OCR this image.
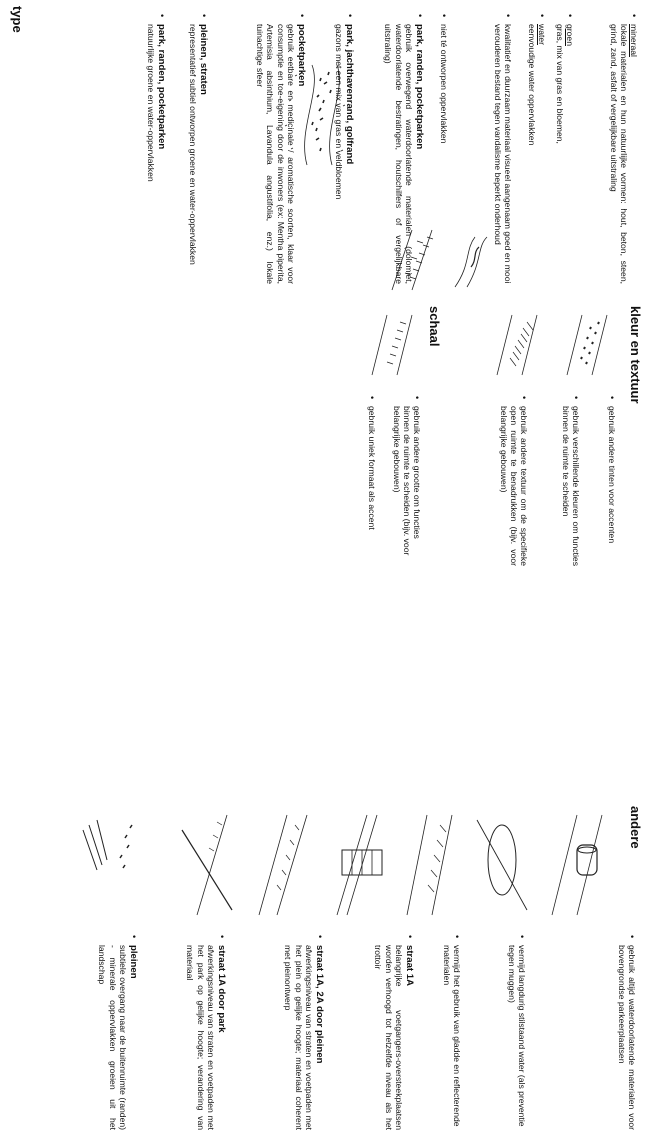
type
• mineraal
lokale materialen en hun natuurlijke vormen: hout, beton, steen, grind, zand, asfalt of vergelijkbare uitstraling
• groen
gras, mix van gras en bloemen,
• water
eenvoudige water oppervlakken
• kwalitatief en duurzaam materiaal visueel aangenaam goed en mooi verouderen bestand tegen vandalisme beperkt onderhoud
• niet té ontworpen oppervlakken
• park, randen, pocketparken
gebruik overwegend waterdoorlatende materialen (dolomiet, waterdoorlatende bestratingen, houtschilfers of vergelijkbare uitstraling)
• park, jachthavenrand, golfrand
gazons met een mix van gras en veldbloemen
• pocketparken
gebruik eetbare en medicinale / aromatische soorten, klaar voor consumptie en toe-eigening door de inwoners (ex: Mentha piperita, Artemisia absinthium, Lavandula angustifolia, enz.) lokale tuinachtige sfeer
• pleinen, straten
representatief subtiel ontworpen groene en water-oppervlakken
• park, randen, pocketparken
natuurlijke groene en water-oppervlakken
kleur en textuur
• gebruik andere tinten voor accenten
• gebruik verschillende kleuren om functies binnen de ruimte te scheiden
• gebruik andere textuur om de specifieke open ruimte te benadrukken (bijv. voor belangrijke gebouwen)
schaal
• gebruik andere grootte om functies binnen de ruimte te scheiden (bijv. voor belangrijke gebouwen)
• gebruik uniek formaat als accent
andere
• gebruik altijd waterdoorlatende materialen voor bovengrondse parkeerplaatsen
• vermijd langdurig stilstaand water (als preventie tegen muggen)
• vermijd het gebruik van gladde en reflecterende materialen
• straat 1A
belangrijke voetgangers-oversteekplaatsen worden verhoogd tot hetzelfde niveau als het trottoir
• straat 1A, 2A door pleinen
afwerkingsniveau van straten en voetpaden met het plein op gelijke hoogte; materiaal coherent met pleinontwerp
• straat 1A door park
afwerkingsniveau van straten en voetpaden met het park op gelijke hoogte; verandering van materiaal
• pleinen
subtiele overgang naar de buitenruimte (randen) - minerale oppervlakken groeien uit het landschap
